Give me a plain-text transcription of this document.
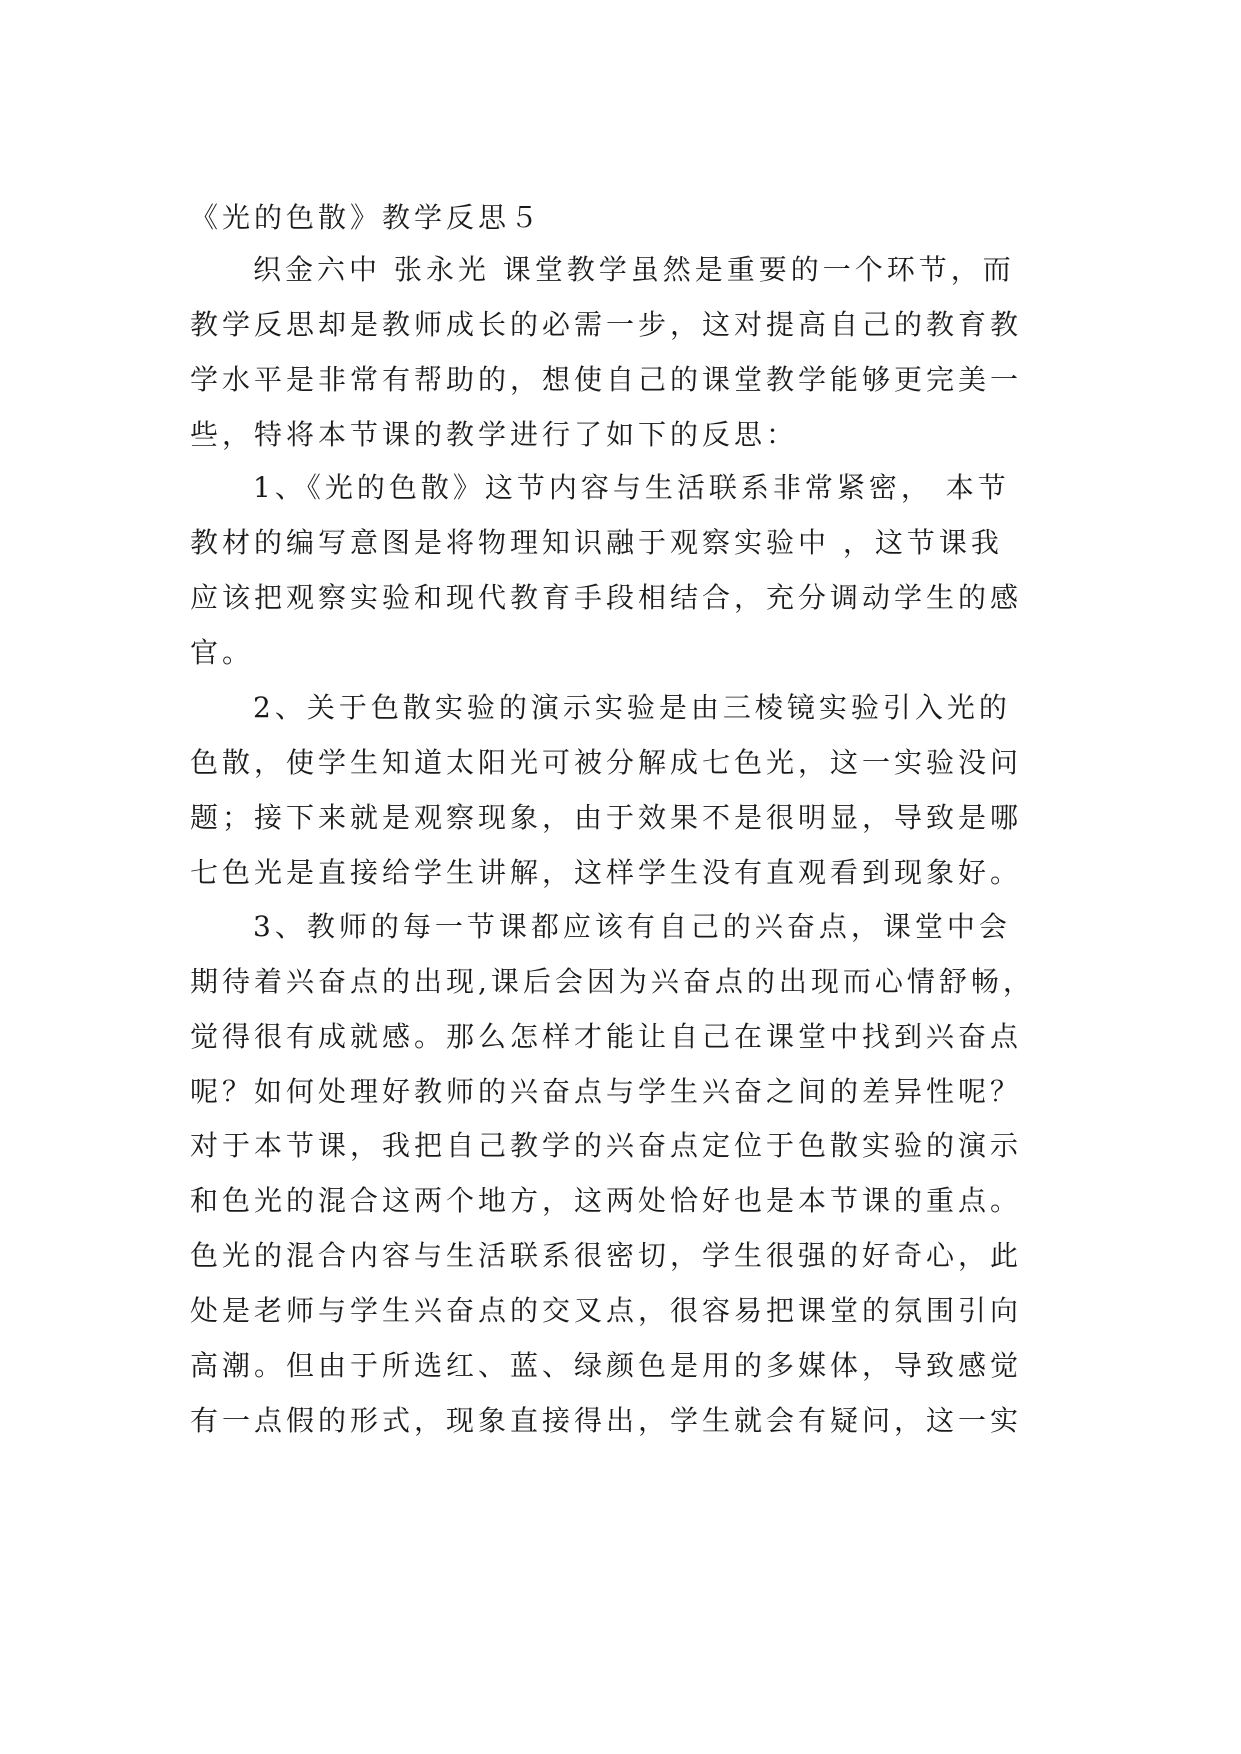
《光的色散》教学反思５

织金六中 张永光 课堂教学虽然是重要的一个环节，而

教学反思却是教师成长的必需一步，这对提高自己的教育教

学水平是非常有帮助的，想使自己的课堂教学能够更完美一

些，特将本节课的教学进行了如下的反思：

1、《光的色散》这节内容与生活联系非常紧密， 本节

教材的编写意图是将物理知识融于观察实验中 ，这节课我

应该把观察实验和现代教育手段相结合，充分调动学生的感

官。

2、关于色散实验的演示实验是由三棱镜实验引入光的

色散，使学生知道太阳光可被分解成七色光，这一实验没问

题；接下来就是观察现象，由于效果不是很明显，导致是哪

七色光是直接给学生讲解，这样学生没有直观看到现象好。

3、教师的每一节课都应该有自己的兴奋点，课堂中会

期待着兴奋点的出现,课后会因为兴奋点的出现而心情舒畅，

觉得很有成就感。那么怎样才能让自己在课堂中找到兴奋点

呢？如何处理好教师的兴奋点与学生兴奋之间的差异性呢？

对于本节课，我把自己教学的兴奋点定位于色散实验的演示

和色光的混合这两个地方，这两处恰好也是本节课的重点。

色光的混合内容与生活联系很密切，学生很强的好奇心，此

处是老师与学生兴奋点的交叉点，很容易把课堂的氛围引向

高潮。但由于所选红、蓝、绿颜色是用的多媒体，导致感觉

有一点假的形式，现象直接得出，学生就会有疑问，这一实
